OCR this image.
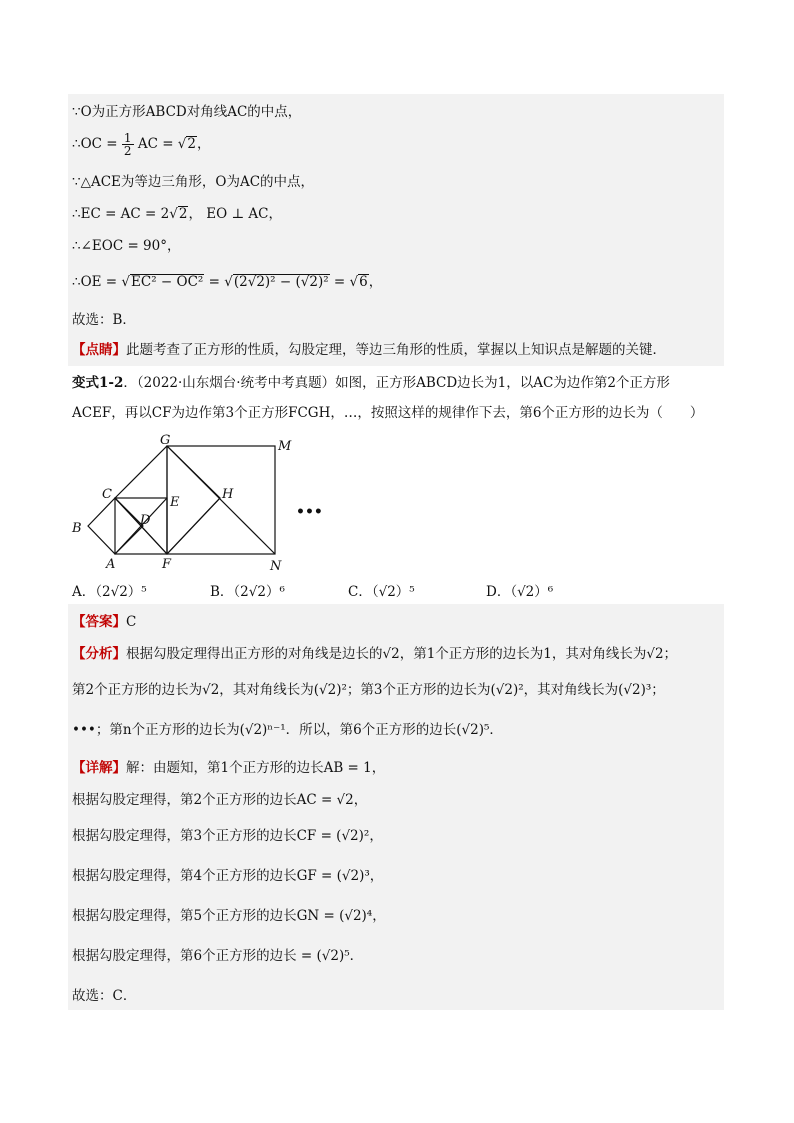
∵O为正方形ABCD对角线AC的中点，
∴OC = $\frac{1}{2}$ AC = √2，
∵△ACE为等边三角形，O为AC的中点，
∴EC = AC = 2√2， EO ⊥ AC，
∴∠EOC = 90°，
∴OE = √EC² − OC² = √(2√2)² − (√2)² = √6，
故选：B．
【点睛】此题考查了正方形的性质，勾股定理，等边三角形的性质，掌握以上知识点是解题的关键．
变式1-2．（2022·山东烟台·统考中考真题）如图，正方形ABCD边长为1，以AC为边作第2个正方形
ACEF，再以CF为边作第3个正方形FCGH，…，按照这样的规律作下去，第6个正方形的边长为（　　）
B
C
D
A
E
F
G
H
M
N
•••
A．（2√2）⁵	B．（2√2）⁶	C．（√2）⁵	D．（√2）⁶
【答案】C
【分析】根据勾股定理得出正方形的对角线是边长的√2，第1个正方形的边长为1，其对角线长为√2；
第2个正方形的边长为√2，其对角线长为(√2)²；第3个正方形的边长为(√2)²，其对角线长为(√2)³；
•••；第n个正方形的边长为(√2)ⁿ⁻¹．所以，第6个正方形的边长(√2)⁵．
【详解】解：由题知，第1个正方形的边长AB = 1，
根据勾股定理得，第2个正方形的边长AC = √2，
根据勾股定理得，第3个正方形的边长CF = (√2)²，
根据勾股定理得，第4个正方形的边长GF = (√2)³，
根据勾股定理得，第5个正方形的边长GN = (√2)⁴，
根据勾股定理得，第6个正方形的边长 = (√2)⁵．
故选：C．
